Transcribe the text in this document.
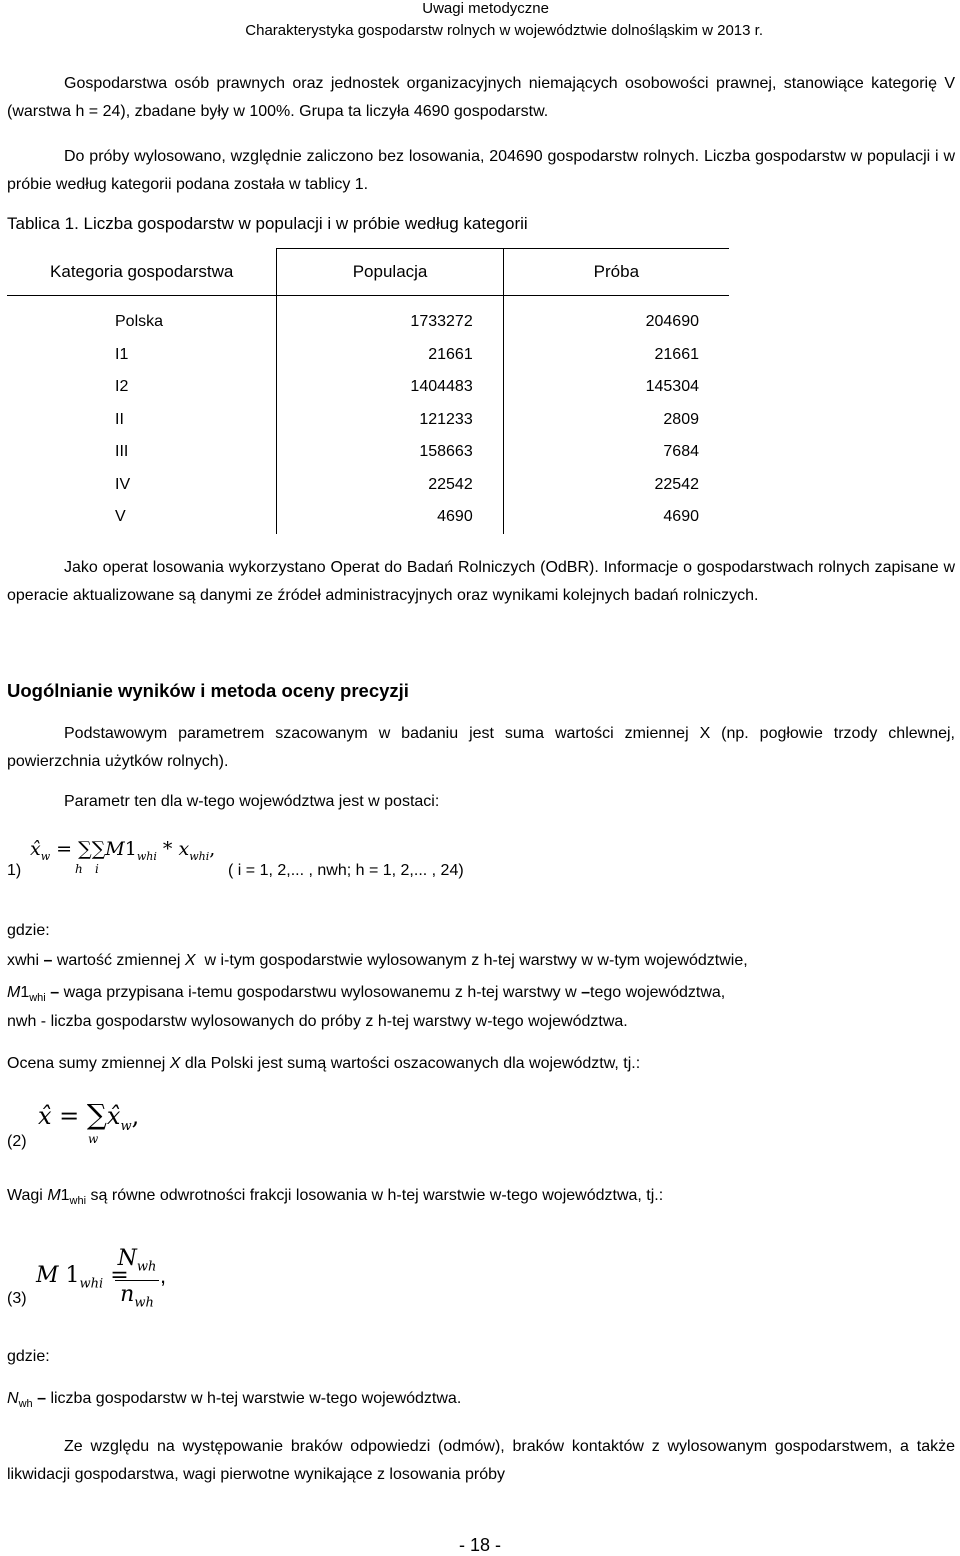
Uwagi metodyczne
Charakterystyka gospodarstw rolnych w województwie dolnośląskim w 2013 r.

Gospodarstwa osób prawnych oraz jednostek organizacyjnych niemających osobowości prawnej, stanowiące kategorię V (warstwa h = 24), zbadane były w 100%. Grupa ta liczyła 4690 gospodarstw.

Do próby wylosowano, względnie zaliczono bez losowania, 204690 gospodarstw rolnych. Liczba gospodarstw w populacji i w próbie według kategorii podana została w tablicy 1.

Tablica 1. Liczba gospodarstw w populacji i w próbie według kategorii
Kategoria gospodarstwa	Populacja	Próba
Polska	1733272	204690
I1	21661	21661
I2	1404483	145304
II	121233	2809
III	158663	7684
IV	22542	22542
V	4690	4690

Jako operat losowania wykorzystano Operat do Badań Rolniczych (OdBR). Informacje o gospodarstwach rolnych zapisane w operacie aktualizowane są danymi ze źródeł administracyjnych oraz wynikami kolejnych badań rolniczych.

Uogólnianie wyników i metoda oceny precyzji

Podstawowym parametrem szacowanym w badaniu jest suma wartości zmiennej X (np. pogłowie trzody chlewnej, powierzchnia użytków rolnych).

Parametr ten dla w-tego województwa jest w postaci:

1)
$x̂_w = \sum\sum M1_{whi} * x_{whi}$,
h i	( i = 1, 2,... , nwh; h = 1, 2,... , 24)
gdzie:
xwhi – wartość zmiennej X w i-tym gospodarstwie wylosowanym z h-tej warstwy w w-tym województwie,
$M1_{whi}$ – waga przypisana i-temu gospodarstwu wylosowanemu z h-tej warstwy w –tego województwa,
nwh - liczba gospodarstw wylosowanych do próby z h-tej warstwy w-tego województwa.
Ocena sumy zmiennej X dla Polski jest sumą wartości oszacowanych dla województw, tj.:
(2)
x̂ = $\sum x̂_w$,
w
Wagi $M1_{whi}$ są równe odwrotności frakcji losowania w h-tej warstwie w-tego województwa, tj.:
(3)
M $1_{whi}$ =
$N_{wh}$
$n_{wh}$
,
gdzie:
$N_{wh}$ – liczba gospodarstw w h-tej warstwie w-tego województwa.

Ze względu na występowanie braków odpowiedzi (odmów), braków kontaktów z wylosowanym gospodarstwem, a także likwidacji gospodarstwa, wagi pierwotne wynikające z losowania próby

- 18 -
